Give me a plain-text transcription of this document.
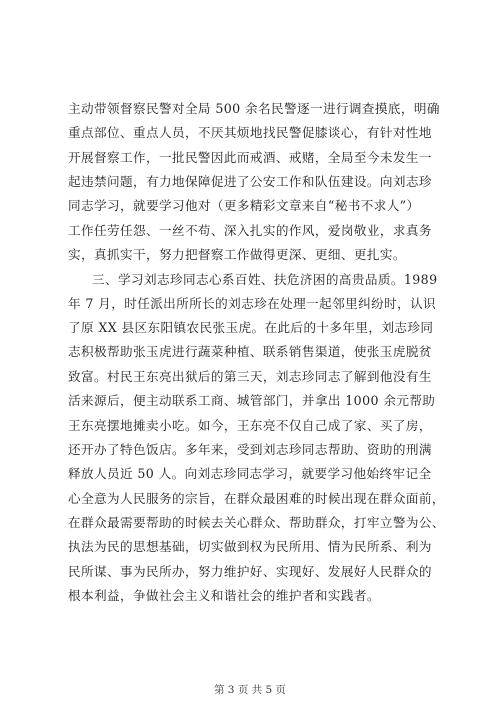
主动带领督察民警对全局 500 余名民警逐一进行调查摸底，明确
重点部位、重点人员，不厌其烦地找民警促膝谈心，有针对性地
开展督察工作，一批民警因此而戒酒、戒赌，全局至今未发生一
起违禁问题，有力地保障促进了公安工作和队伍建设。向刘志珍
同志学习，就要学习他对（更多精彩文章来自“秘书不求人”）
工作任劳任怨、一丝不苟、深入扎实的作风，爱岗敬业，求真务
实，真抓实干，努力把督察工作做得更深、更细、更扎实。
三、学习刘志珍同志心系百姓、扶危济困的高贵品质。1989
年 7 月，时任派出所所长的刘志珍在处理一起邻里纠纷时，认识
了原 XX 县区东阳镇农民张玉虎。在此后的十多年里，刘志珍同
志积极帮助张玉虎进行蔬菜种植、联系销售渠道，使张玉虎脱贫
致富。村民王东亮出狱后的第三天，刘志珍同志了解到他没有生
活来源后，便主动联系工商、城管部门，并拿出 1000 余元帮助
王东亮摆地摊卖小吃。如今，王东亮不仅自己成了家、买了房，
还开办了特色饭店。多年来，受到刘志珍同志帮助、资助的刑满
释放人员近 50 人。向刘志珍同志学习，就要学习他始终牢记全
心全意为人民服务的宗旨，在群众最困难的时候出现在群众面前，
在群众最需要帮助的时候去关心群众、帮助群众，打牢立警为公、
执法为民的思想基础，切实做到权为民所用、情为民所系、利为
民所谋、事为民所办，努力维护好、实现好、发展好人民群众的
根本利益，争做社会主义和谐社会的维护者和实践者。
第 3 页 共 5 页
